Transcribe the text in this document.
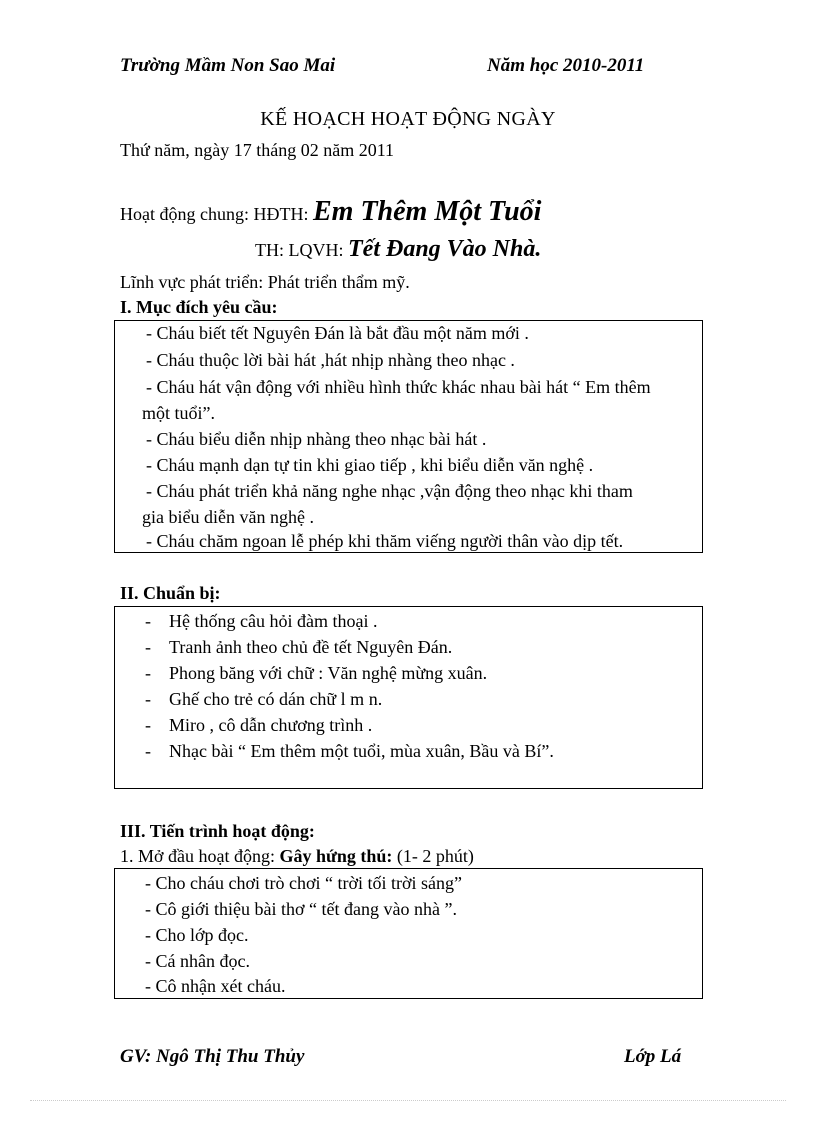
Trường Mầm Non Sao Mai	Năm học 2010-2011
KẾ HOẠCH HOẠT ĐỘNG NGÀY
Thứ năm, ngày 17 tháng 02 năm 2011
Hoạt động chung: HĐTH: Em Thêm Một Tuổi
TH: LQVH: Tết Đang Vào Nhà.
Lĩnh vực phát triển: Phát triển thẩm mỹ.
I. Mục đích yêu cầu:
- Cháu biết tết Nguyên Đán là bắt đầu một năm mới .
- Cháu thuộc lời bài hát ,hát nhịp nhàng theo nhạc .
- Cháu hát vận động với nhiều hình thức khác nhau bài hát “ Em thêm
một tuổi”.
- Cháu biểu diễn nhịp nhàng theo nhạc bài hát .
- Cháu mạnh dạn tự tin khi giao tiếp , khi biểu diễn văn nghệ .
- Cháu phát triển khả năng nghe nhạc ,vận động theo nhạc khi tham
gia biểu diễn văn nghệ .
- Cháu chăm ngoan lễ phép khi thăm viếng người thân vào dịp tết.
II. Chuẩn bị:
- Hệ thống câu hỏi đàm thoại .
- Tranh ảnh theo chủ đề tết Nguyên Đán.
- Phong băng với chữ : Văn nghệ mừng xuân.
- Ghế cho trẻ có dán chữ l m n.
- Miro , cô dẫn chương trình .
- Nhạc bài “ Em thêm một tuổi, mùa xuân, Bầu và Bí”.
III. Tiến trình hoạt động:
1. Mở đầu hoạt động: Gây hứng thú: (1- 2 phút)
- Cho cháu chơi trò chơi “ trời tối trời sáng”
- Cô giới thiệu bài thơ “ tết đang vào nhà ”.
- Cho lớp đọc.
- Cá nhân đọc.
- Cô nhận xét cháu.
GV: Ngô Thị Thu Thủy	Lớp Lá
